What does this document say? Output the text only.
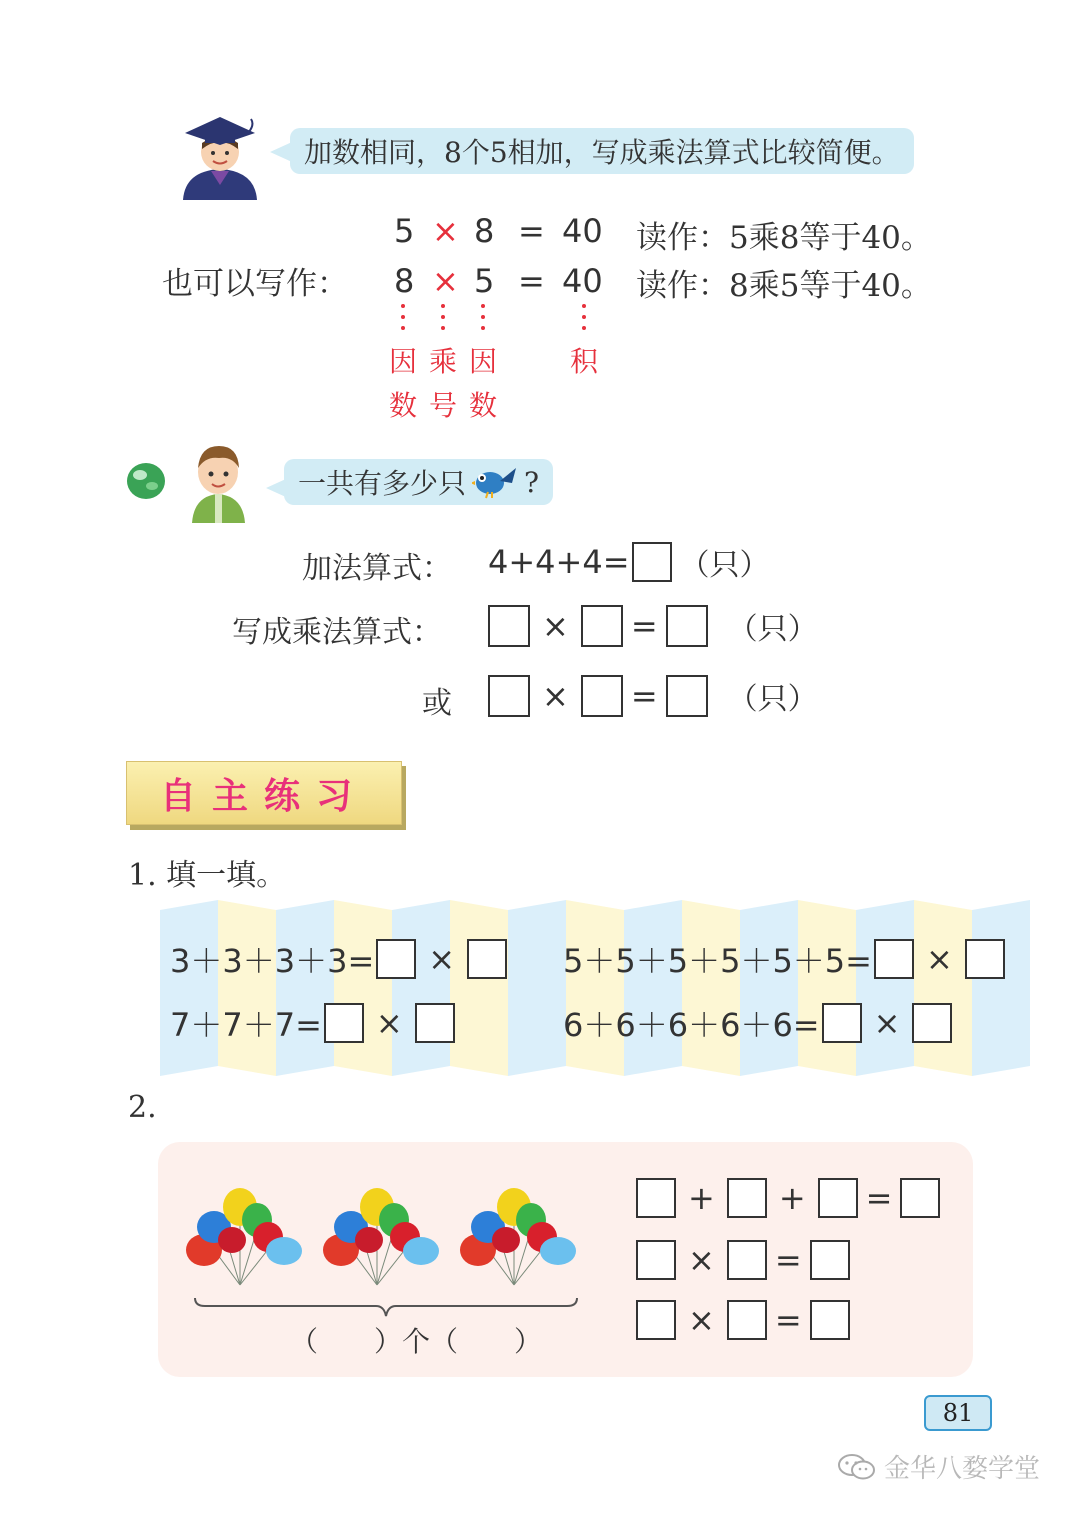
加数相同，8个5相加，写成乘法算式比较简便。
5 × 8 = 40 读作：5乘8等于40。
也可以写作： 8 × 5 = 40 读作：8乘5等于40。
因
数
乘
号
因
数
积
一共有多少只 ?
加法算式： 4+4+4= （只）
写成乘法算式：	× = （只）
或	× = （只）
自主练习
1. 填一填。
3＋3＋3＋3= ×
7＋7＋7= ×
5＋5＋5＋5＋5＋5= ×
6＋6＋6＋6＋6= ×
2.
（　　）个（　　）
+ + =
× =
× =
81
金华八婺学堂
